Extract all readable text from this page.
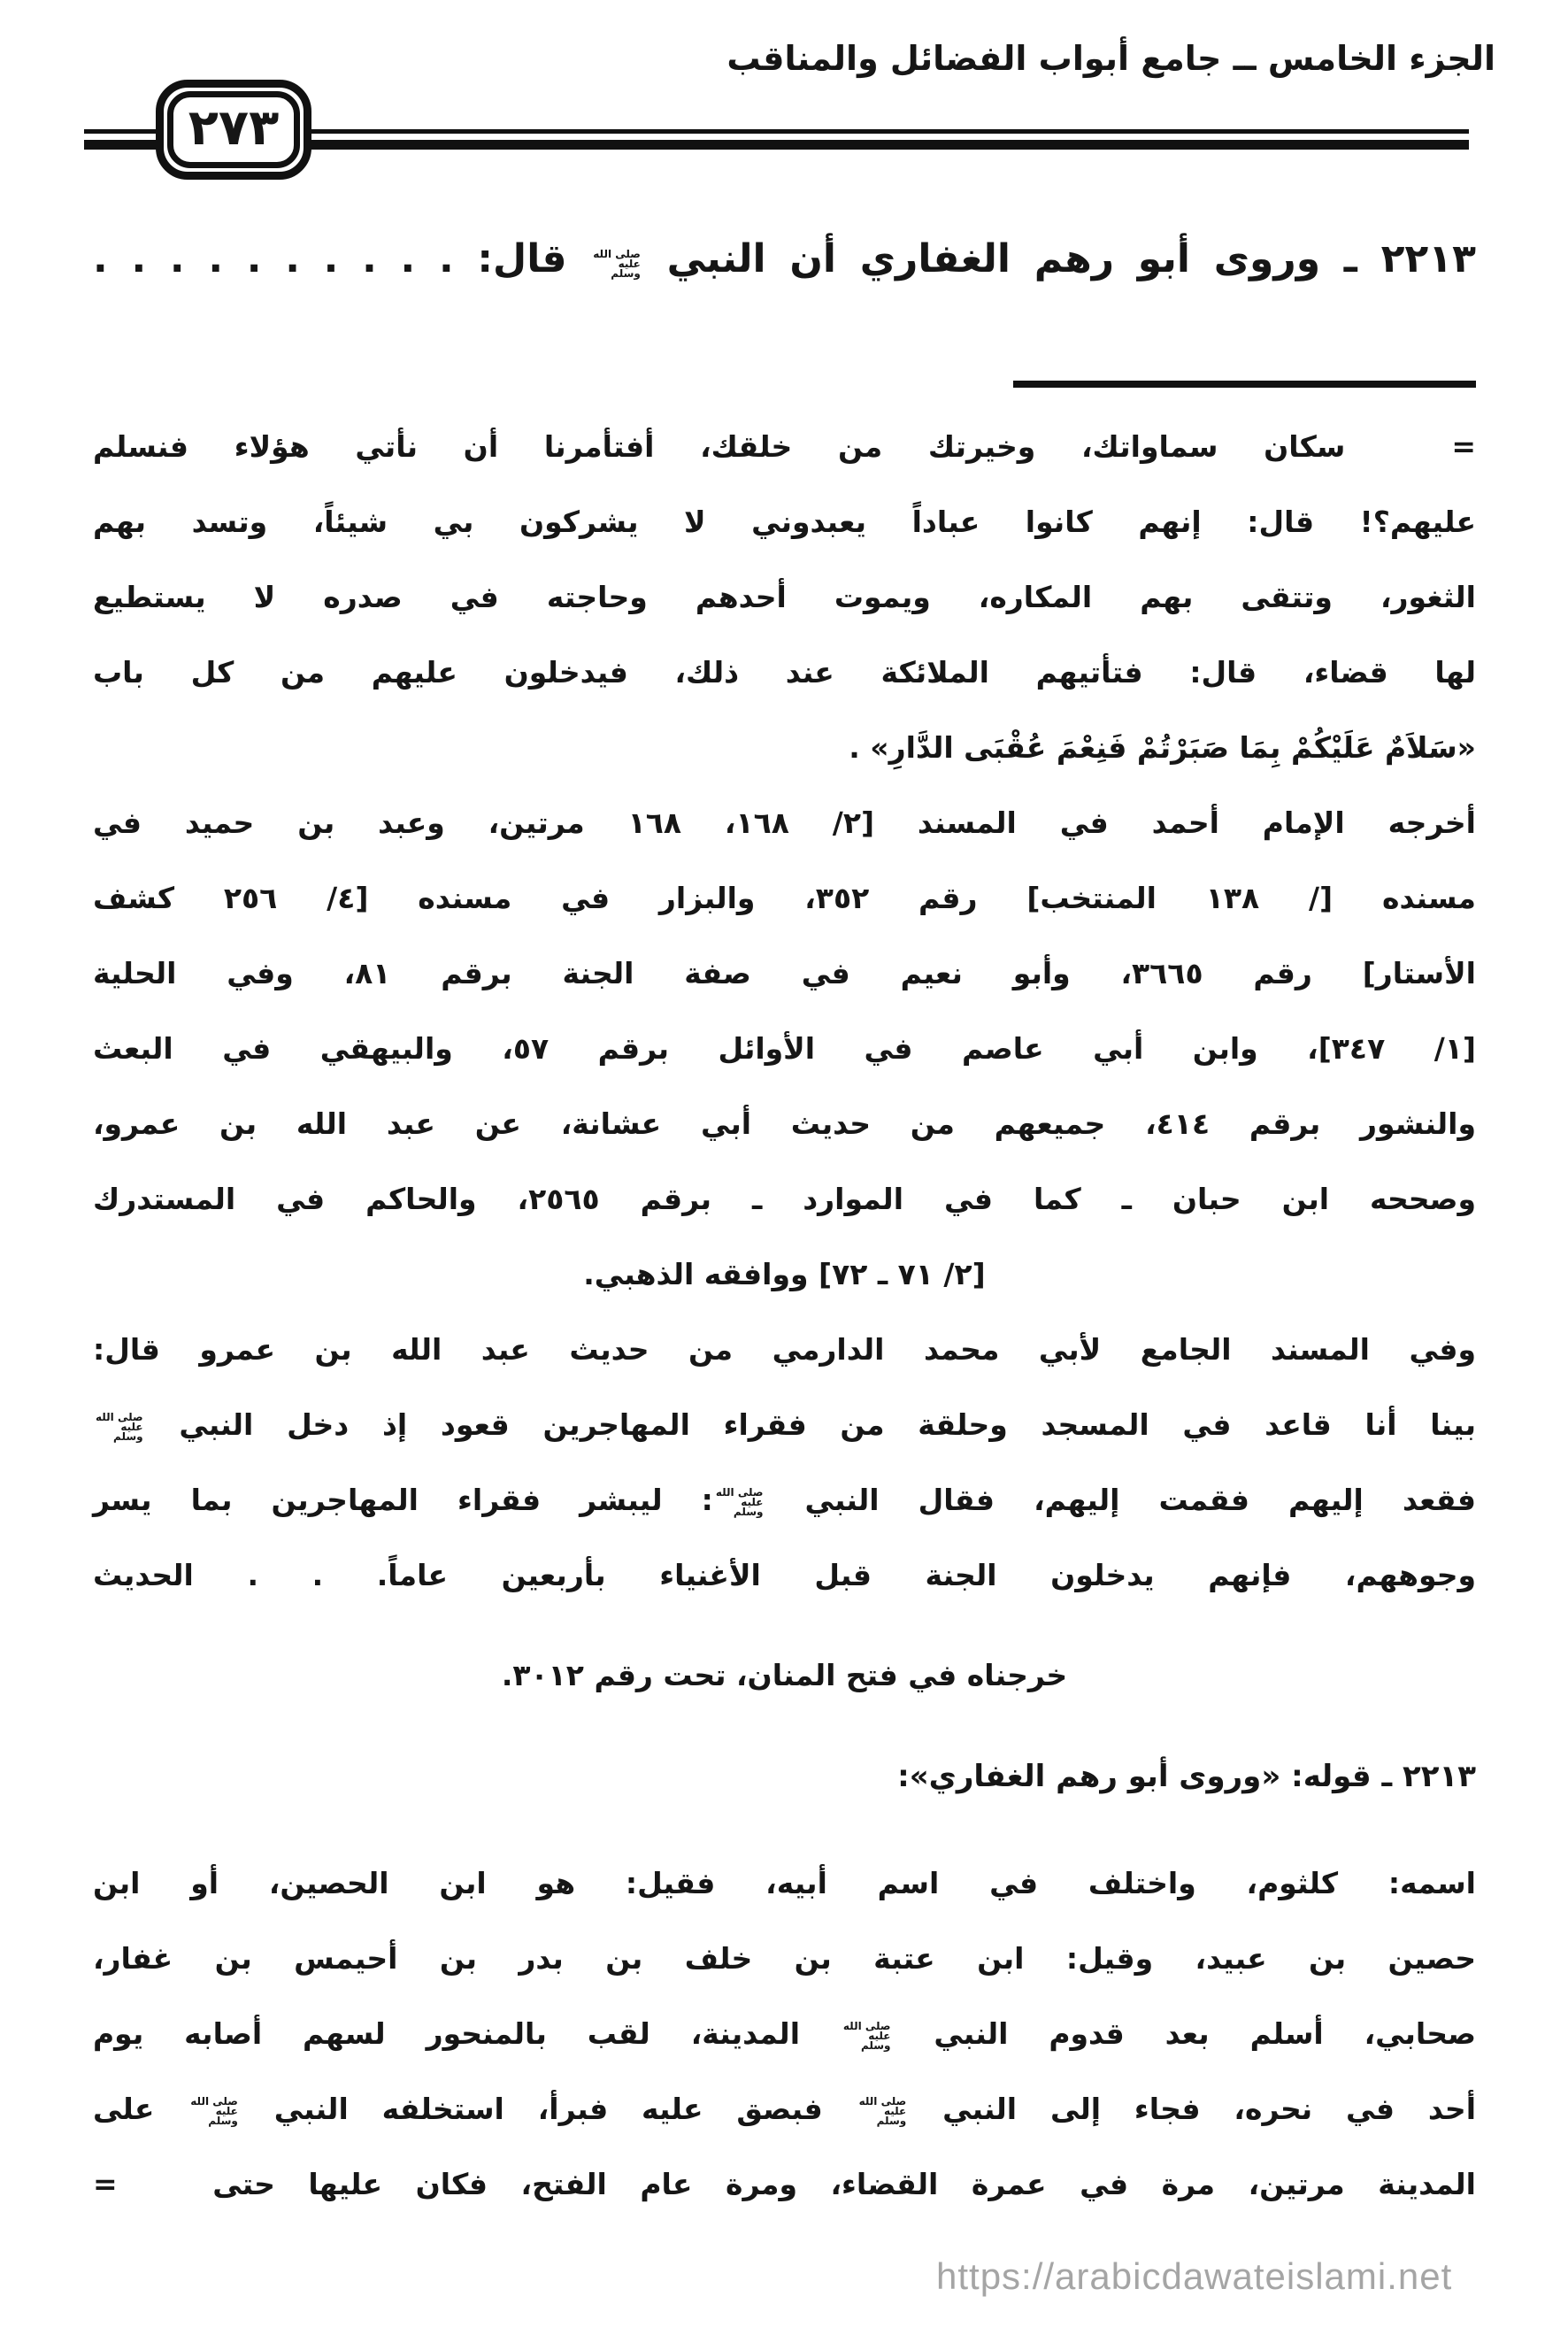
الجزء الخامس ــ جامع أبواب الفضائل والمناقب
٢٧٣
٢٢١٣ ـ وروى أبو رهم الغفاري أن النبي صلى الله
عليه
وسلم قال: . . . . . . . . . .
=سكان سماواتك، وخيرتك من خلقك، أفتأمرنا أن نأتي هؤلاء فنسلم
عليهم؟! قال: إنهم كانوا عباداً يعبدوني لا يشركون بي شيئاً، وتسد بهم
الثغور، وتتقى بهم المكاره، ويموت أحدهم وحاجته في صدره لا يستطيع
لها قضاء، قال: فتأتيهم الملائكة عند ذلك، فيدخلون عليهم من كل باب
«سَلاَمٌ عَلَيْكُمْ بِمَا صَبَرْتُمْ فَنِعْمَ عُقْبَى الدَّارِ» .
أخرجه الإمام أحمد في المسند [٢/ ١٦٨، ١٦٨ مرتين، وعبد بن حميد في
مسنده [/ ١٣٨ المنتخب] رقم ٣٥٢، والبزار في مسنده [٤/ ٢٥٦ كشف
الأستار] رقم ٣٦٦٥، وأبو نعيم في صفة الجنة برقم ٨١، وفي الحلية
[١/ ٣٤٧]، وابن أبي عاصم في الأوائل برقم ٥٧، والبيهقي في البعث
والنشور برقم ٤١٤، جميعهم من حديث أبي عشانة، عن عبد الله بن عمرو،
وصححه ابن حبان ـ كما في الموارد ـ برقم ٢٥٦٥، والحاكم في المستدرك
[٢/ ٧١ ـ ٧٢] ووافقه الذهبي.
وفي المسند الجامع لأبي محمد الدارمي من حديث عبد الله بن عمرو قال:
بينا أنا قاعد في المسجد وحلقة من فقراء المهاجرين قعود إذ دخل النبي صلى الله
عليه
وسلم
فقعد إليهم فقمت إليهم، فقال النبي صلى الله
عليه
وسلم: ليبشر فقراء المهاجرين بما يسر
وجوههم، فإنهم يدخلون الجنة قبل الأغنياء بأربعين عاماً. . . الحديث
خرجناه في فتح المنان، تحت رقم ٣٠١٢.
٢٢١٣ ـ قوله: «وروى أبو رهم الغفاري»:
اسمه: كلثوم، واختلف في اسم أبيه، فقيل: هو ابن الحصين، أو ابن
حصين بن عبيد، وقيل: ابن عتبة بن خلف بن بدر بن أحيمس بن غفار،
صحابي، أسلم بعد قدوم النبي صلى الله
عليه
وسلم المدينة، لقب بالمنحور لسهم أصابه يوم
أحد في نحره، فجاء إلى النبي صلى الله
عليه
وسلم فبصق عليه فبرأ، استخلفه النبي صلى الله
عليه
وسلم على
المدينة مرتين، مرة في عمرة القضاء، ومرة عام الفتح، فكان عليها حتى =
https://arabicdawateislami.net
